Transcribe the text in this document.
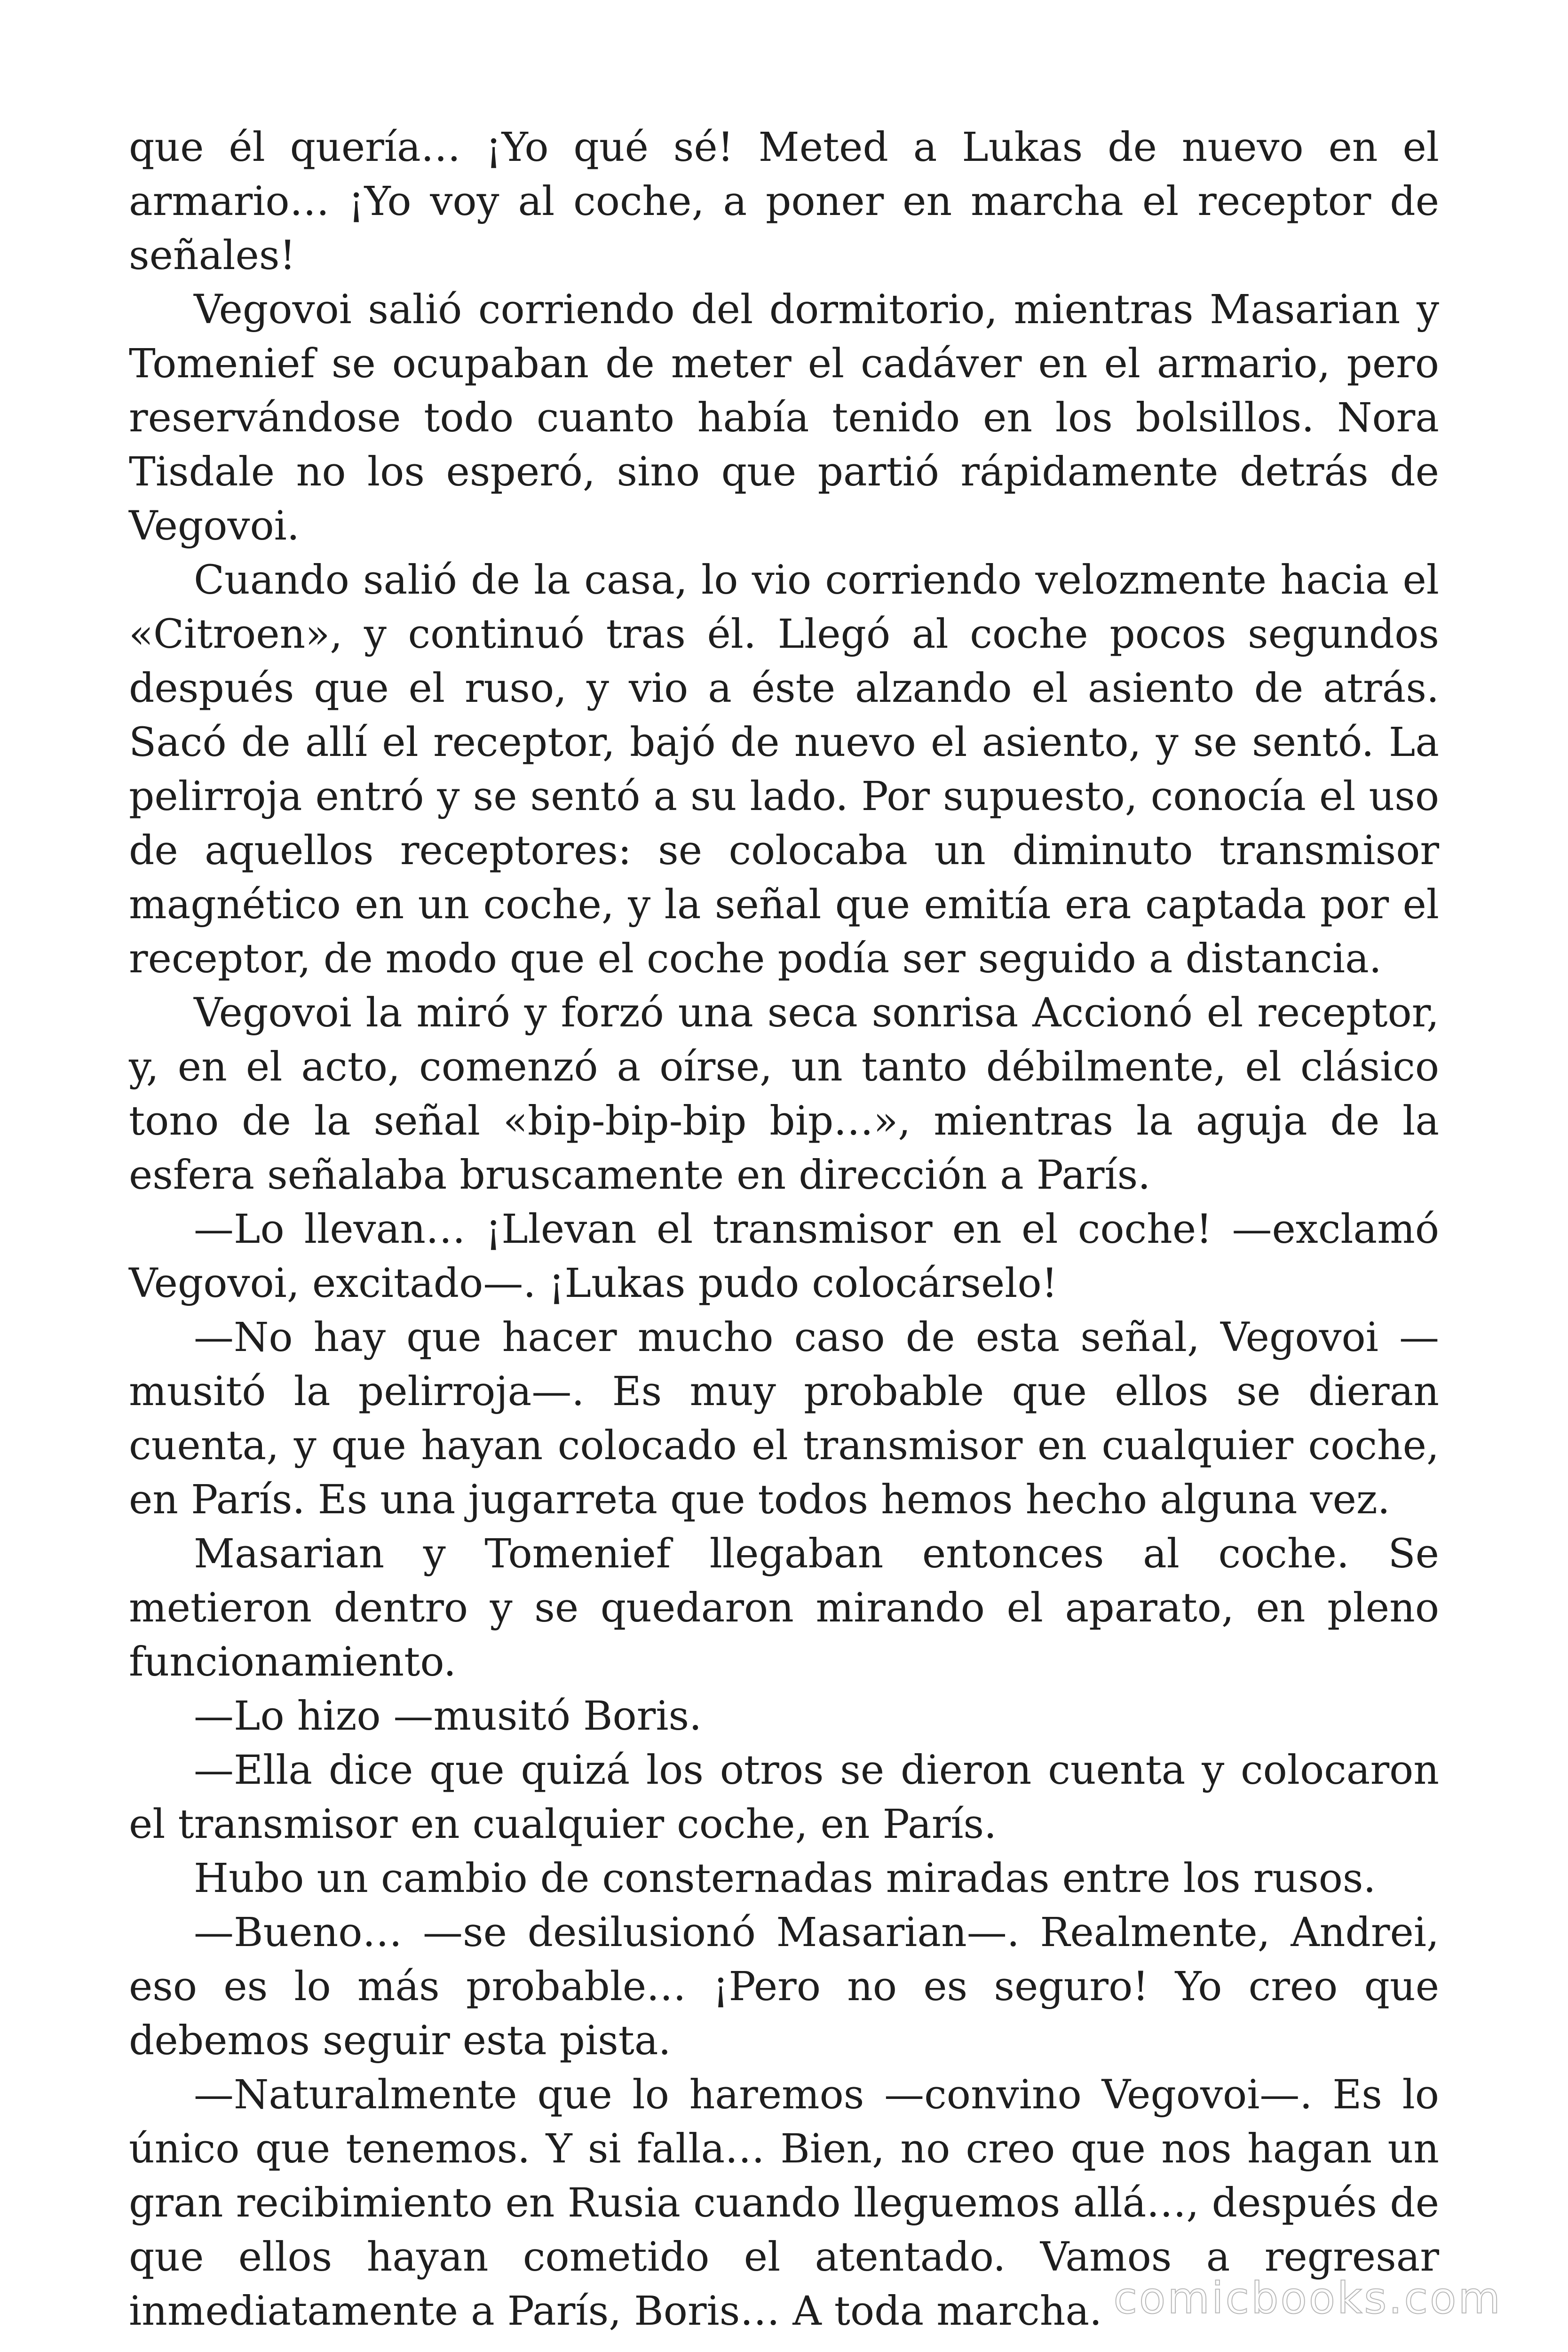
que él quería… ¡Yo qué sé! Meted a Lukas de nuevo en el armario… ¡Yo voy al coche, a poner en marcha el receptor de señales!

Vegovoi salió corriendo del dormitorio, mientras Masarian y Tomenief se ocupaban de meter el cadáver en el armario, pero reservándose todo cuanto había tenido en los bolsillos. Nora Tisdale no los esperó, sino que partió rápidamente detrás de Vegovoi.

Cuando salió de la casa, lo vio corriendo velozmente hacia el «Citroen», y continuó tras él. Llegó al coche pocos segundos después que el ruso, y vio a éste alzando el asiento de atrás. Sacó de allí el receptor, bajó de nuevo el asiento, y se sentó. La pelirroja entró y se sentó a su lado. Por supuesto, conocía el uso de aquellos receptores: se colocaba un diminuto transmisor magnético en un coche, y la señal que emitía era captada por el receptor, de modo que el coche podía ser seguido a distancia.

Vegovoi la miró y forzó una seca sonrisa Accionó el receptor, y, en el acto, comenzó a oírse, un tanto débilmente, el clásico tono de la señal «bip-bip-bip bip…», mientras la aguja de la esfera señalaba bruscamente en dirección a París.

—Lo llevan… ¡Llevan el transmisor en el coche! —exclamó Vegovoi, excitado—. ¡Lukas pudo colocárselo!

—No hay que hacer mucho caso de esta señal, Vegovoi —musitó la pelirroja—. Es muy probable que ellos se dieran cuenta, y que hayan colocado el transmisor en cualquier coche, en París. Es una jugarreta que todos hemos hecho alguna vez.

Masarian y Tomenief llegaban entonces al coche. Se metieron dentro y se quedaron mirando el aparato, en pleno funcionamiento.

—Lo hizo —musitó Boris.

—Ella dice que quizá los otros se dieron cuenta y colocaron el transmisor en cualquier coche, en París.

Hubo un cambio de consternadas miradas entre los rusos.

—Bueno… —se desilusionó Masarian—. Realmente, Andrei, eso es lo más probable… ¡Pero no es seguro! Yo creo que debemos seguir esta pista.

—Naturalmente que lo haremos —convino Vegovoi—. Es lo único que tenemos. Y si falla… Bien, no creo que nos hagan un gran recibimiento en Rusia cuando lleguemos allá…, después de que ellos hayan cometido el atentado. Vamos a regresar inmediatamente a París, Boris… A toda marcha. comicbooks.com
